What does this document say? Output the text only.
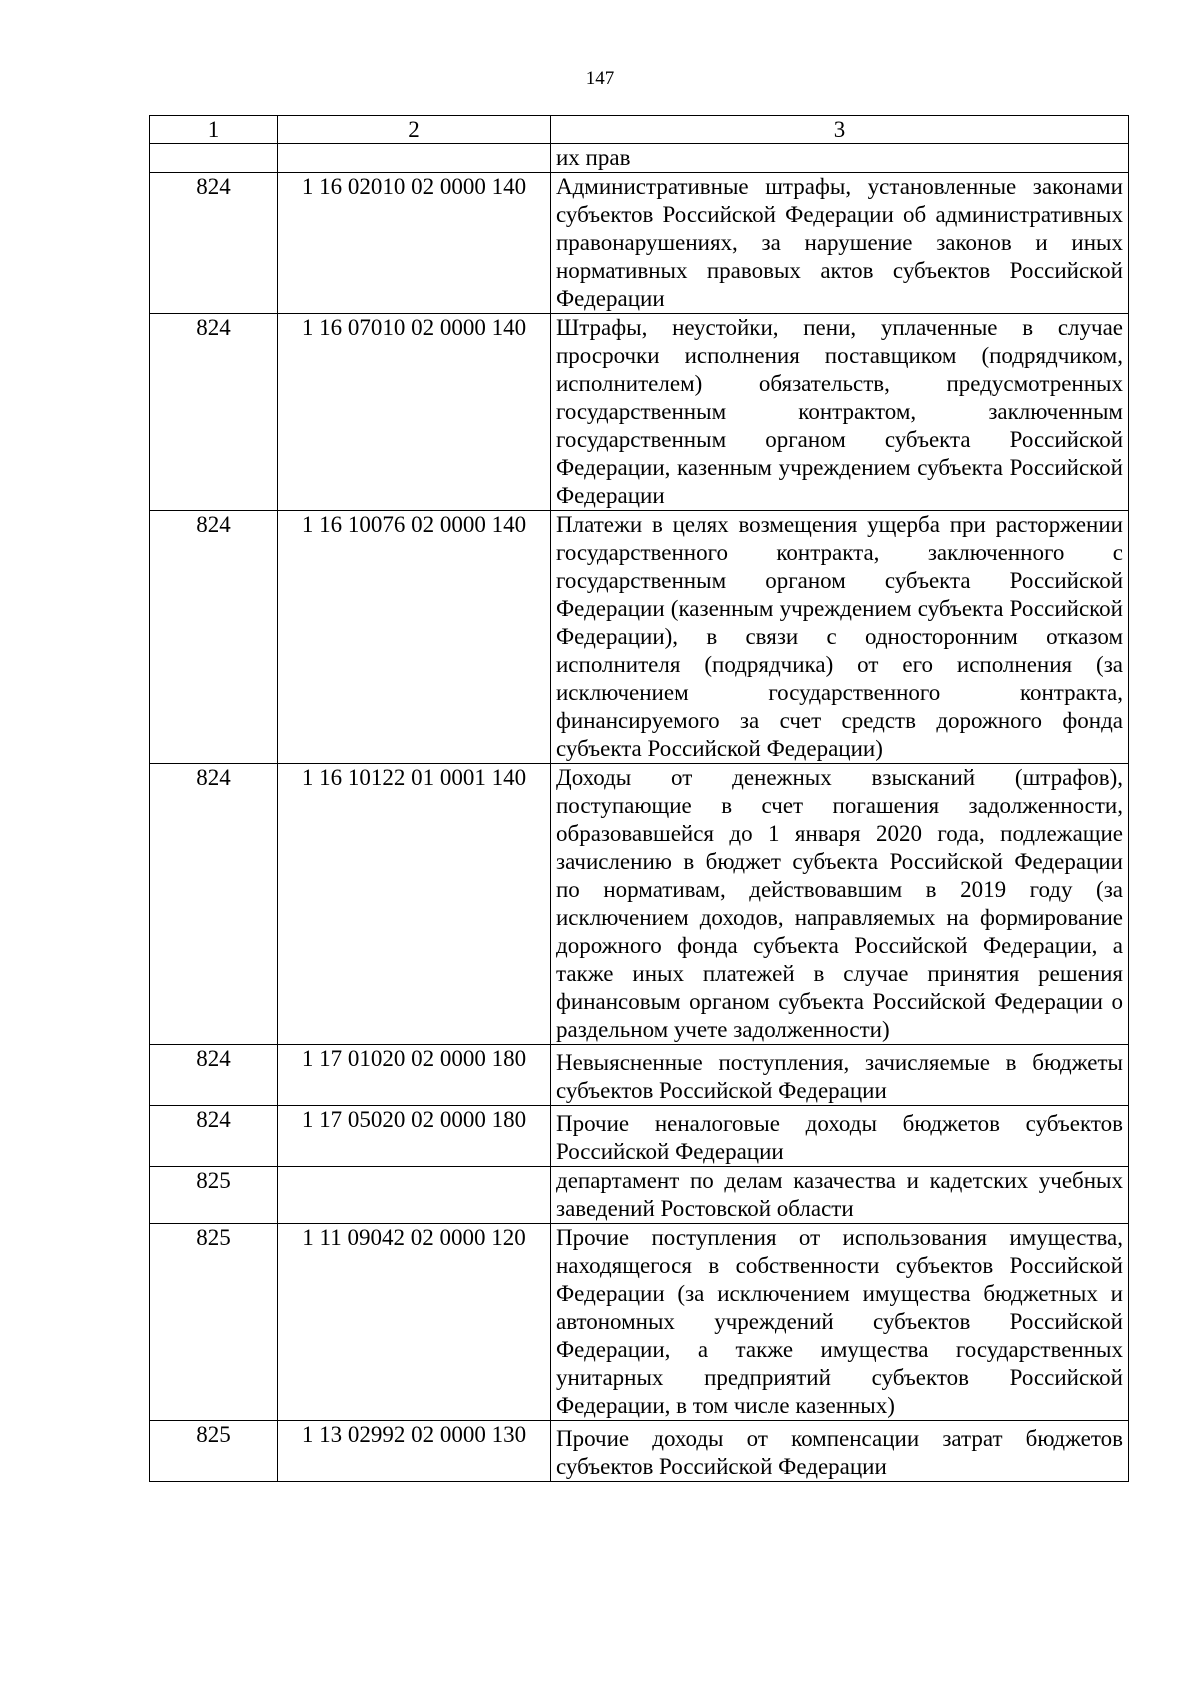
147
1	2	3
		их прав
824	1 16 02010 02 0000 140	Административные штрафы, установленные законами субъектов Российской Федерации об административных правонарушениях, за нарушение законов и иных нормативных правовых актов субъектов Российской Федерации
824	1 16 07010 02 0000 140	Штрафы, неустойки, пени, уплаченные в случае просрочки исполнения поставщиком (подрядчиком, исполнителем) обязательств, предусмотренных государственным контрактом, заключенным государственным органом субъекта Российской Федерации, казенным учреждением субъекта Российской Федерации
824	1 16 10076 02 0000 140	Платежи в целях возмещения ущерба при расторжении государственного контракта, заключенного с государственным органом субъекта Российской Федерации (казенным учреждением субъекта Российской Федерации), в связи с односторонним отказом исполнителя (подрядчика) от его исполнения (за исключением государственного контракта, финансируемого за счет средств дорожного фонда субъекта Российской Федерации)
824	1 16 10122 01 0001 140	Доходы от денежных взысканий (штрафов), поступающие в счет погашения задолженности, образовавшейся до 1 января 2020 года, подлежащие зачислению в бюджет субъекта Российской Федерации по нормативам, действовавшим в 2019 году (за исключением доходов, направляемых на формирование дорожного фонда субъекта Российской Федерации, а также иных платежей в случае принятия решения финансовым органом субъекта Российской Федерации о раздельном учете задолженности)
824	1 17 01020 02 0000 180	Невыясненные поступления, зачисляемые в бюджеты субъектов Российской Федерации
824	1 17 05020 02 0000 180	Прочие неналоговые доходы бюджетов субъектов Российской Федерации
825		департамент по делам казачества и кадетских учебных заведений Ростовской области
825	1 11 09042 02 0000 120	Прочие поступления от использования имущества, находящегося в собственности субъектов Российской Федерации (за исключением имущества бюджетных и автономных учреждений субъектов Российской Федерации, а также имущества государственных унитарных предприятий субъектов Российской Федерации, в том числе казенных)
825	1 13 02992 02 0000 130	Прочие доходы от компенсации затрат бюджетов субъектов Российской Федерации
